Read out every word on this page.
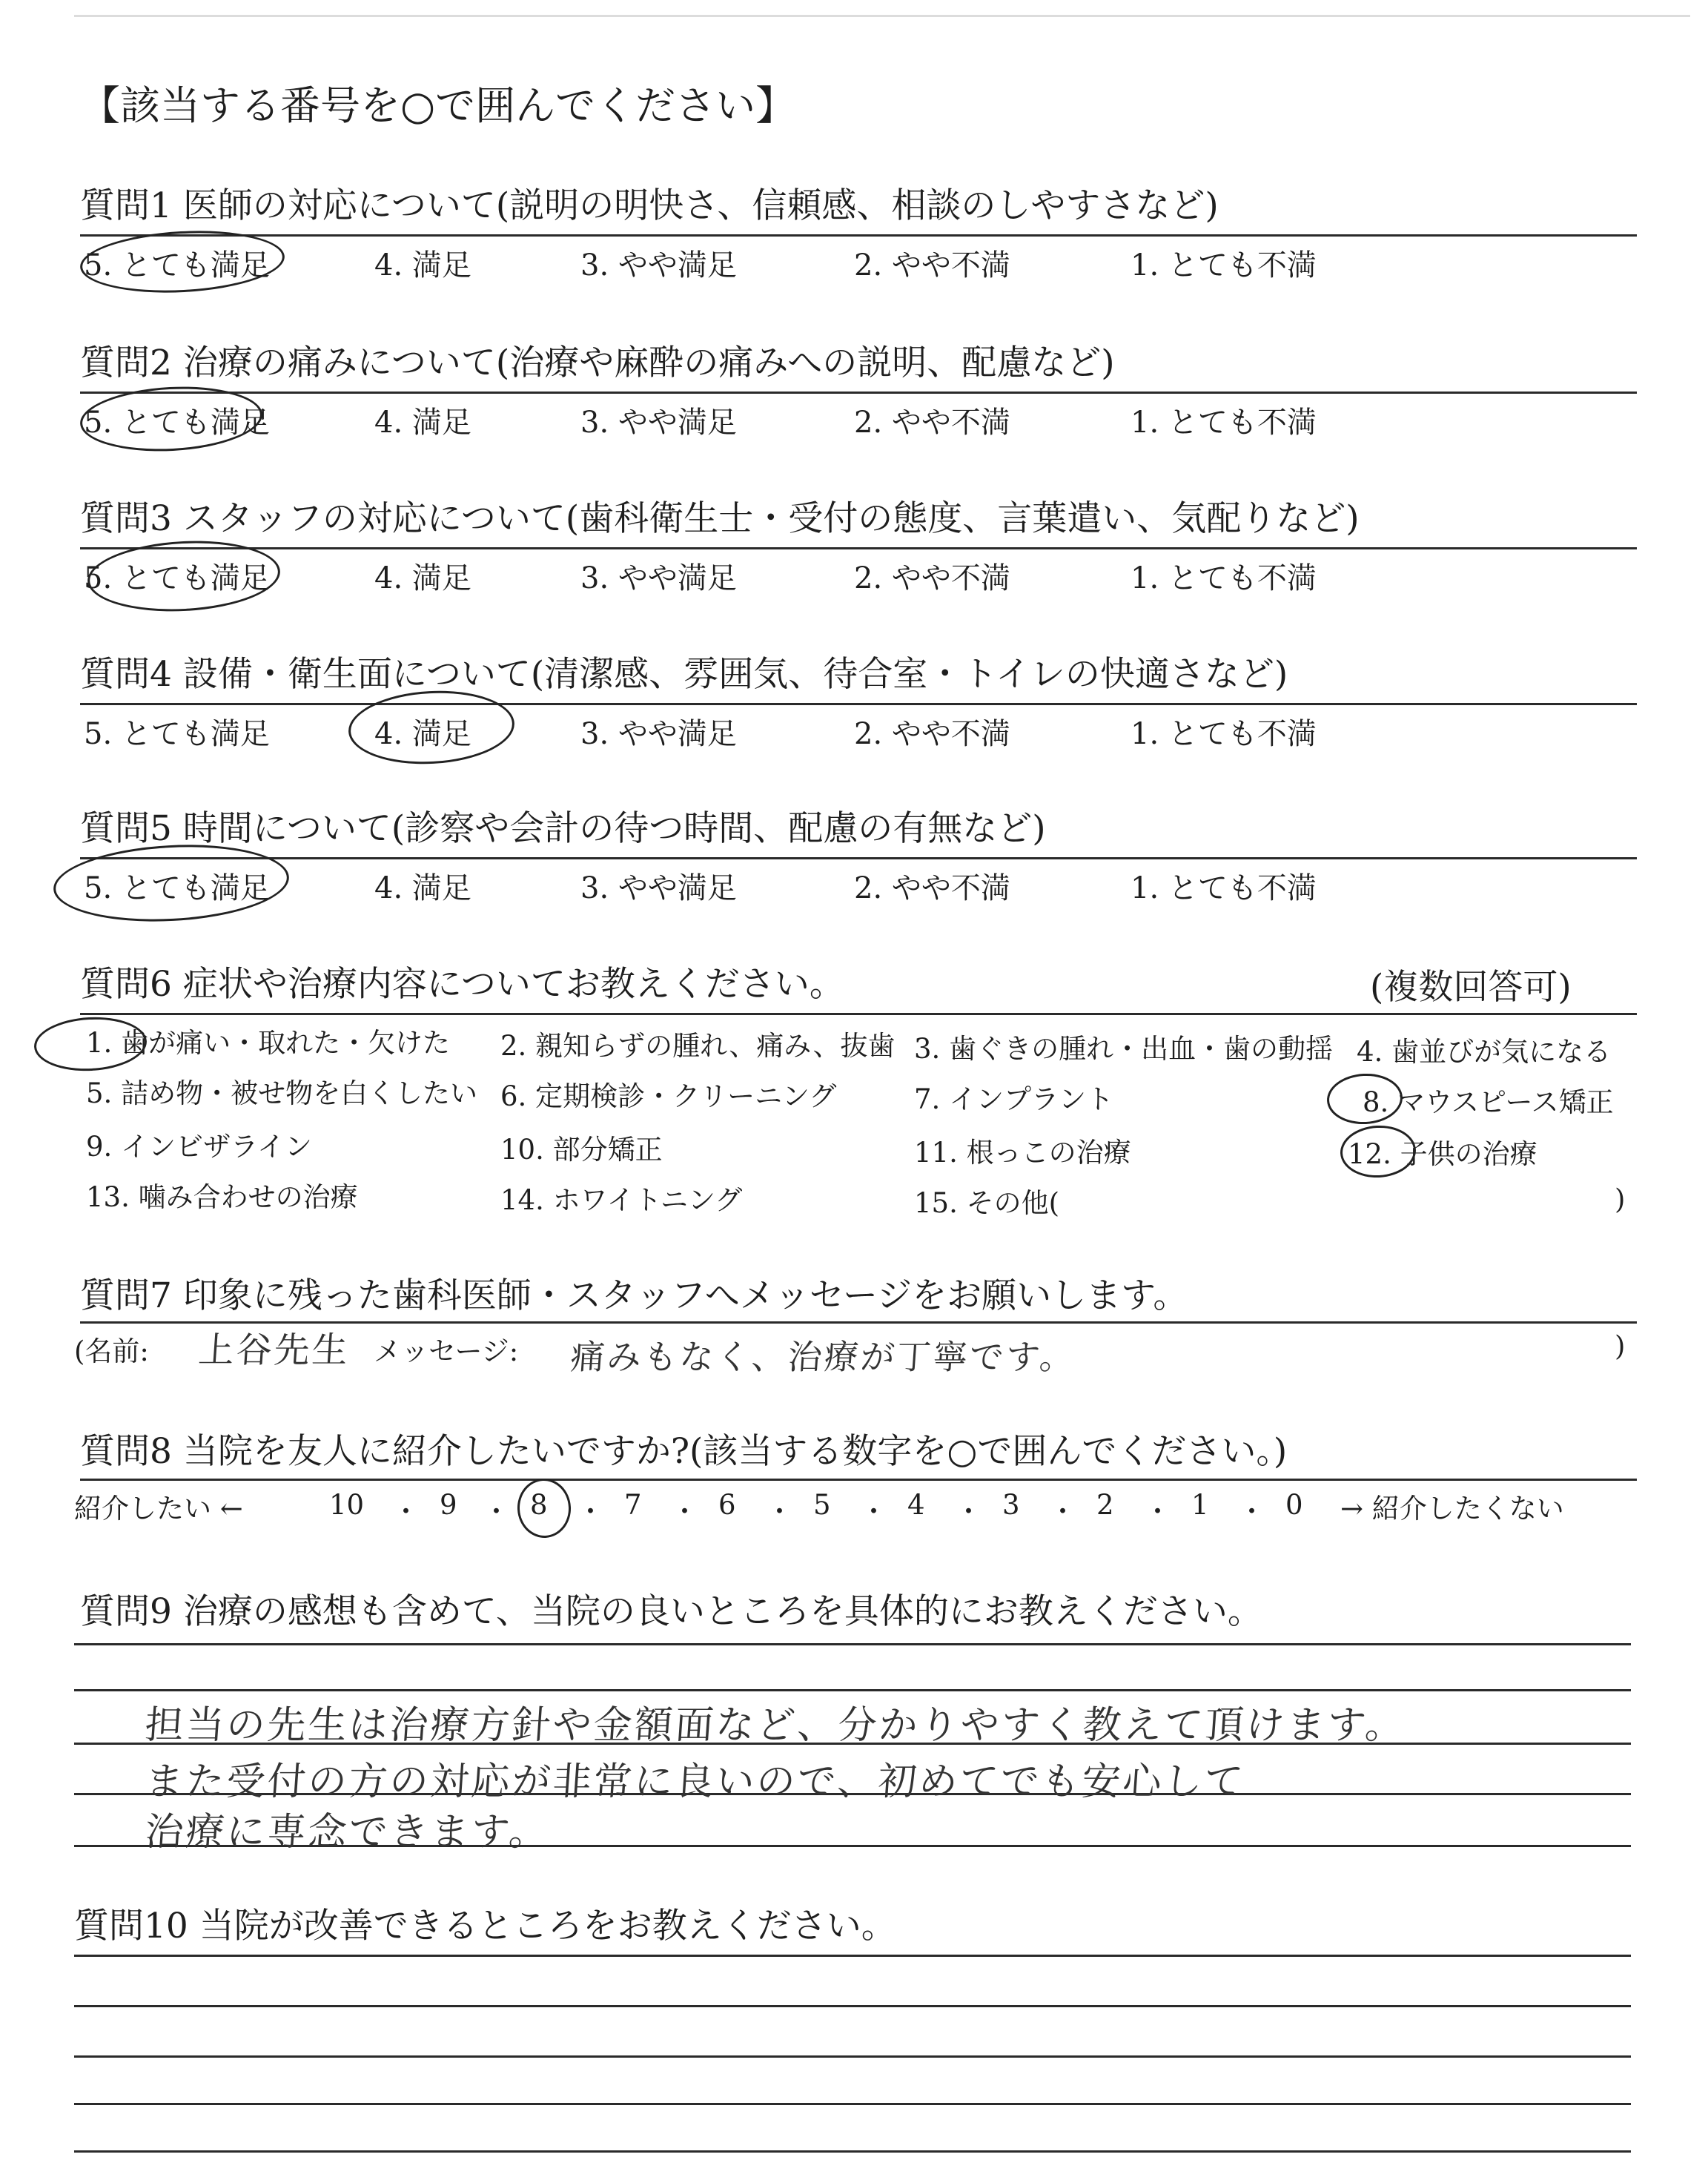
【該当する番号を○で囲んでください】
質問1 医師の対応について(説明の明快さ、信頼感、相談のしやすさなど)
5. とても満足	4. 満足	3. やや満足	2. やや不満	1. とても不満
質問2 治療の痛みについて(治療や麻酔の痛みへの説明、配慮など)
5. とても満足	4. 満足	3. やや満足	2. やや不満	1. とても不満
質問3 スタッフの対応について(歯科衛生士・受付の態度、言葉遣い、気配りなど)
5. とても満足	4. 満足	3. やや満足	2. やや不満	1. とても不満
質問4 設備・衛生面について(清潔感、雰囲気、待合室・トイレの快適さなど)
5. とても満足	4. 満足	3. やや満足	2. やや不満	1. とても不満
質問5 時間について(診察や会計の待つ時間、配慮の有無など)
5. とても満足	4. 満足	3. やや満足	2. やや不満	1. とても不満
質問6 症状や治療内容についてお教えください。	(複数回答可)
1. 歯が痛い・取れた・欠けた 2. 親知らずの腫れ、痛み、抜歯 3. 歯ぐきの腫れ・出血・歯の動揺 4. 歯並びが気になる
5. 詰め物・被せ物を白くしたい 6. 定期検診・クリーニング	7. インプラント	8. マウスピース矯正
9. インビザライン	10. 部分矯正	11. 根っこの治療	12. 子供の治療
13. 噛み合わせの治療	14. ホワイトニング	15. その他(	)
質問7 印象に残った歯科医師・スタッフへメッセージをお願いします。
(名前: 上谷先生 メッセージ: 痛みもなく、治療が丁寧です。	)
質問8 当院を友人に紹介したいですか?(該当する数字を○で囲んでください。)
紹介したい ←	10 ・ 9 ・ 8 ・ 7 ・ 6 ・ 5 ・ 4 ・ 3 ・ 2 ・ 1 ・ 0 → 紹介したくない
質問9 治療の感想も含めて、当院の良いところを具体的にお教えください。
担当の先生は治療方針や金額面など、分かりやすく教えて頂けます。
また受付の方の対応が非常に良いので、初めてでも安心して
治療に専念できます。
質問10 当院が改善できるところをお教えください。
